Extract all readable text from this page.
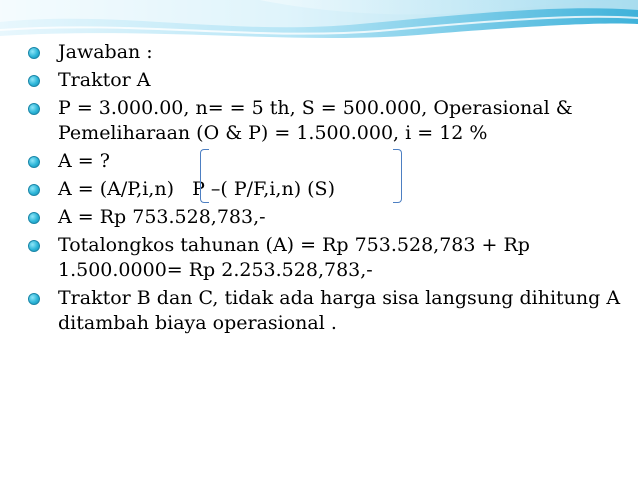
Jawaban :
Traktor A
P = 3.000.00, n= = 5 th, S = 500.000, Operasional & Pemeliharaan (O & P) = 1.500.000, i = 12 %
A = ?
A = (A/P,i,n)   P –( P/F,i,n) (S)
A = Rp 753.528,783,-
Totalongkos tahunan (A) = Rp 753.528,783 + Rp 1.500.0000= Rp 2.253.528,783,-
Traktor B dan C, tidak ada harga sisa langsung dihitung A ditambah biaya operasional .
